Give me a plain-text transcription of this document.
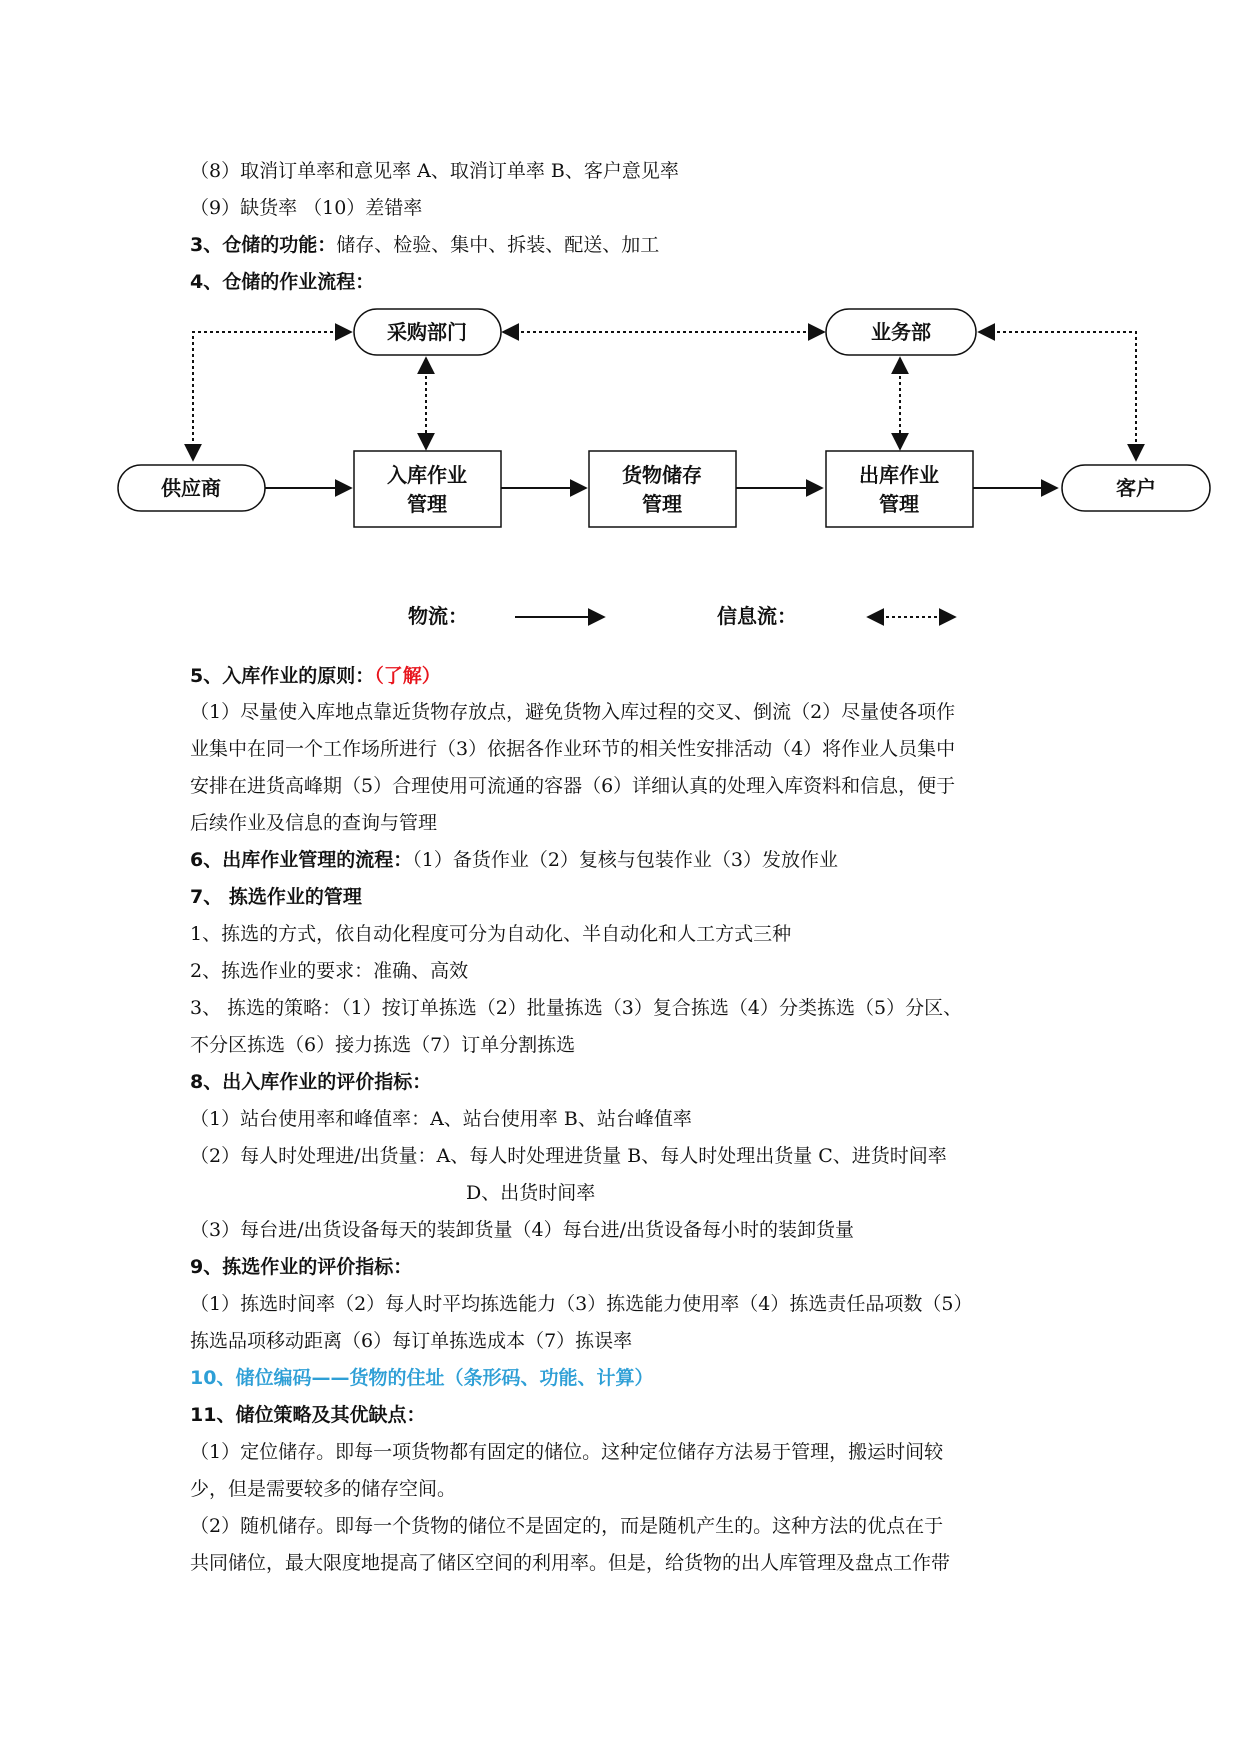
（8）取消订单率和意见率 A、取消订单率 B、客户意见率
（9）缺货率 （10）差错率
3、仓储的功能：储存、检验、集中、拆装、配送、加工
4、仓储的作业流程：
采购部门	业务部
供应商	客户
入库作业
管理
货物储存
管理
出库作业
管理
物流：	信息流：
5、入库作业的原则：（了解）
（1）尽量使入库地点靠近货物存放点，避免货物入库过程的交叉、倒流（2）尽量使各项作
业集中在同一个工作场所进行（3）依据各作业环节的相关性安排活动（4）将作业人员集中
安排在进货高峰期（5）合理使用可流通的容器（6）详细认真的处理入库资料和信息，便于
后续作业及信息的查询与管理
6、出库作业管理的流程：（1）备货作业（2）复核与包装作业（3）发放作业
7、 拣选作业的管理
1、拣选的方式，依自动化程度可分为自动化、半自动化和人工方式三种
2、拣选作业的要求：准确、高效
3、 拣选的策略：（1）按订单拣选（2）批量拣选（3）复合拣选（4）分类拣选（5）分区、
不分区拣选（6）接力拣选（7）订单分割拣选
8、出入库作业的评价指标：
（1）站台使用率和峰值率：A、站台使用率 B、站台峰值率
（2）每人时处理进/出货量：A、每人时处理进货量 B、每人时处理出货量 C、进货时间率
D、出货时间率
（3）每台进/出货设备每天的装卸货量（4）每台进/出货设备每小时的装卸货量
9、拣选作业的评价指标：
（1）拣选时间率（2）每人时平均拣选能力（3）拣选能力使用率（4）拣选责任品项数（5）
拣选品项移动距离（6）每订单拣选成本（7）拣误率
10、储位编码——货物的住址（条形码、功能、计算）
11、储位策略及其优缺点：
（1）定位储存。即每一项货物都有固定的储位。这种定位储存方法易于管理，搬运时间较
少，但是需要较多的储存空间。
（2）随机储存。即每一个货物的储位不是固定的，而是随机产生的。这种方法的优点在于
共同储位，最大限度地提高了储区空间的利用率。但是，给货物的出人库管理及盘点工作带
